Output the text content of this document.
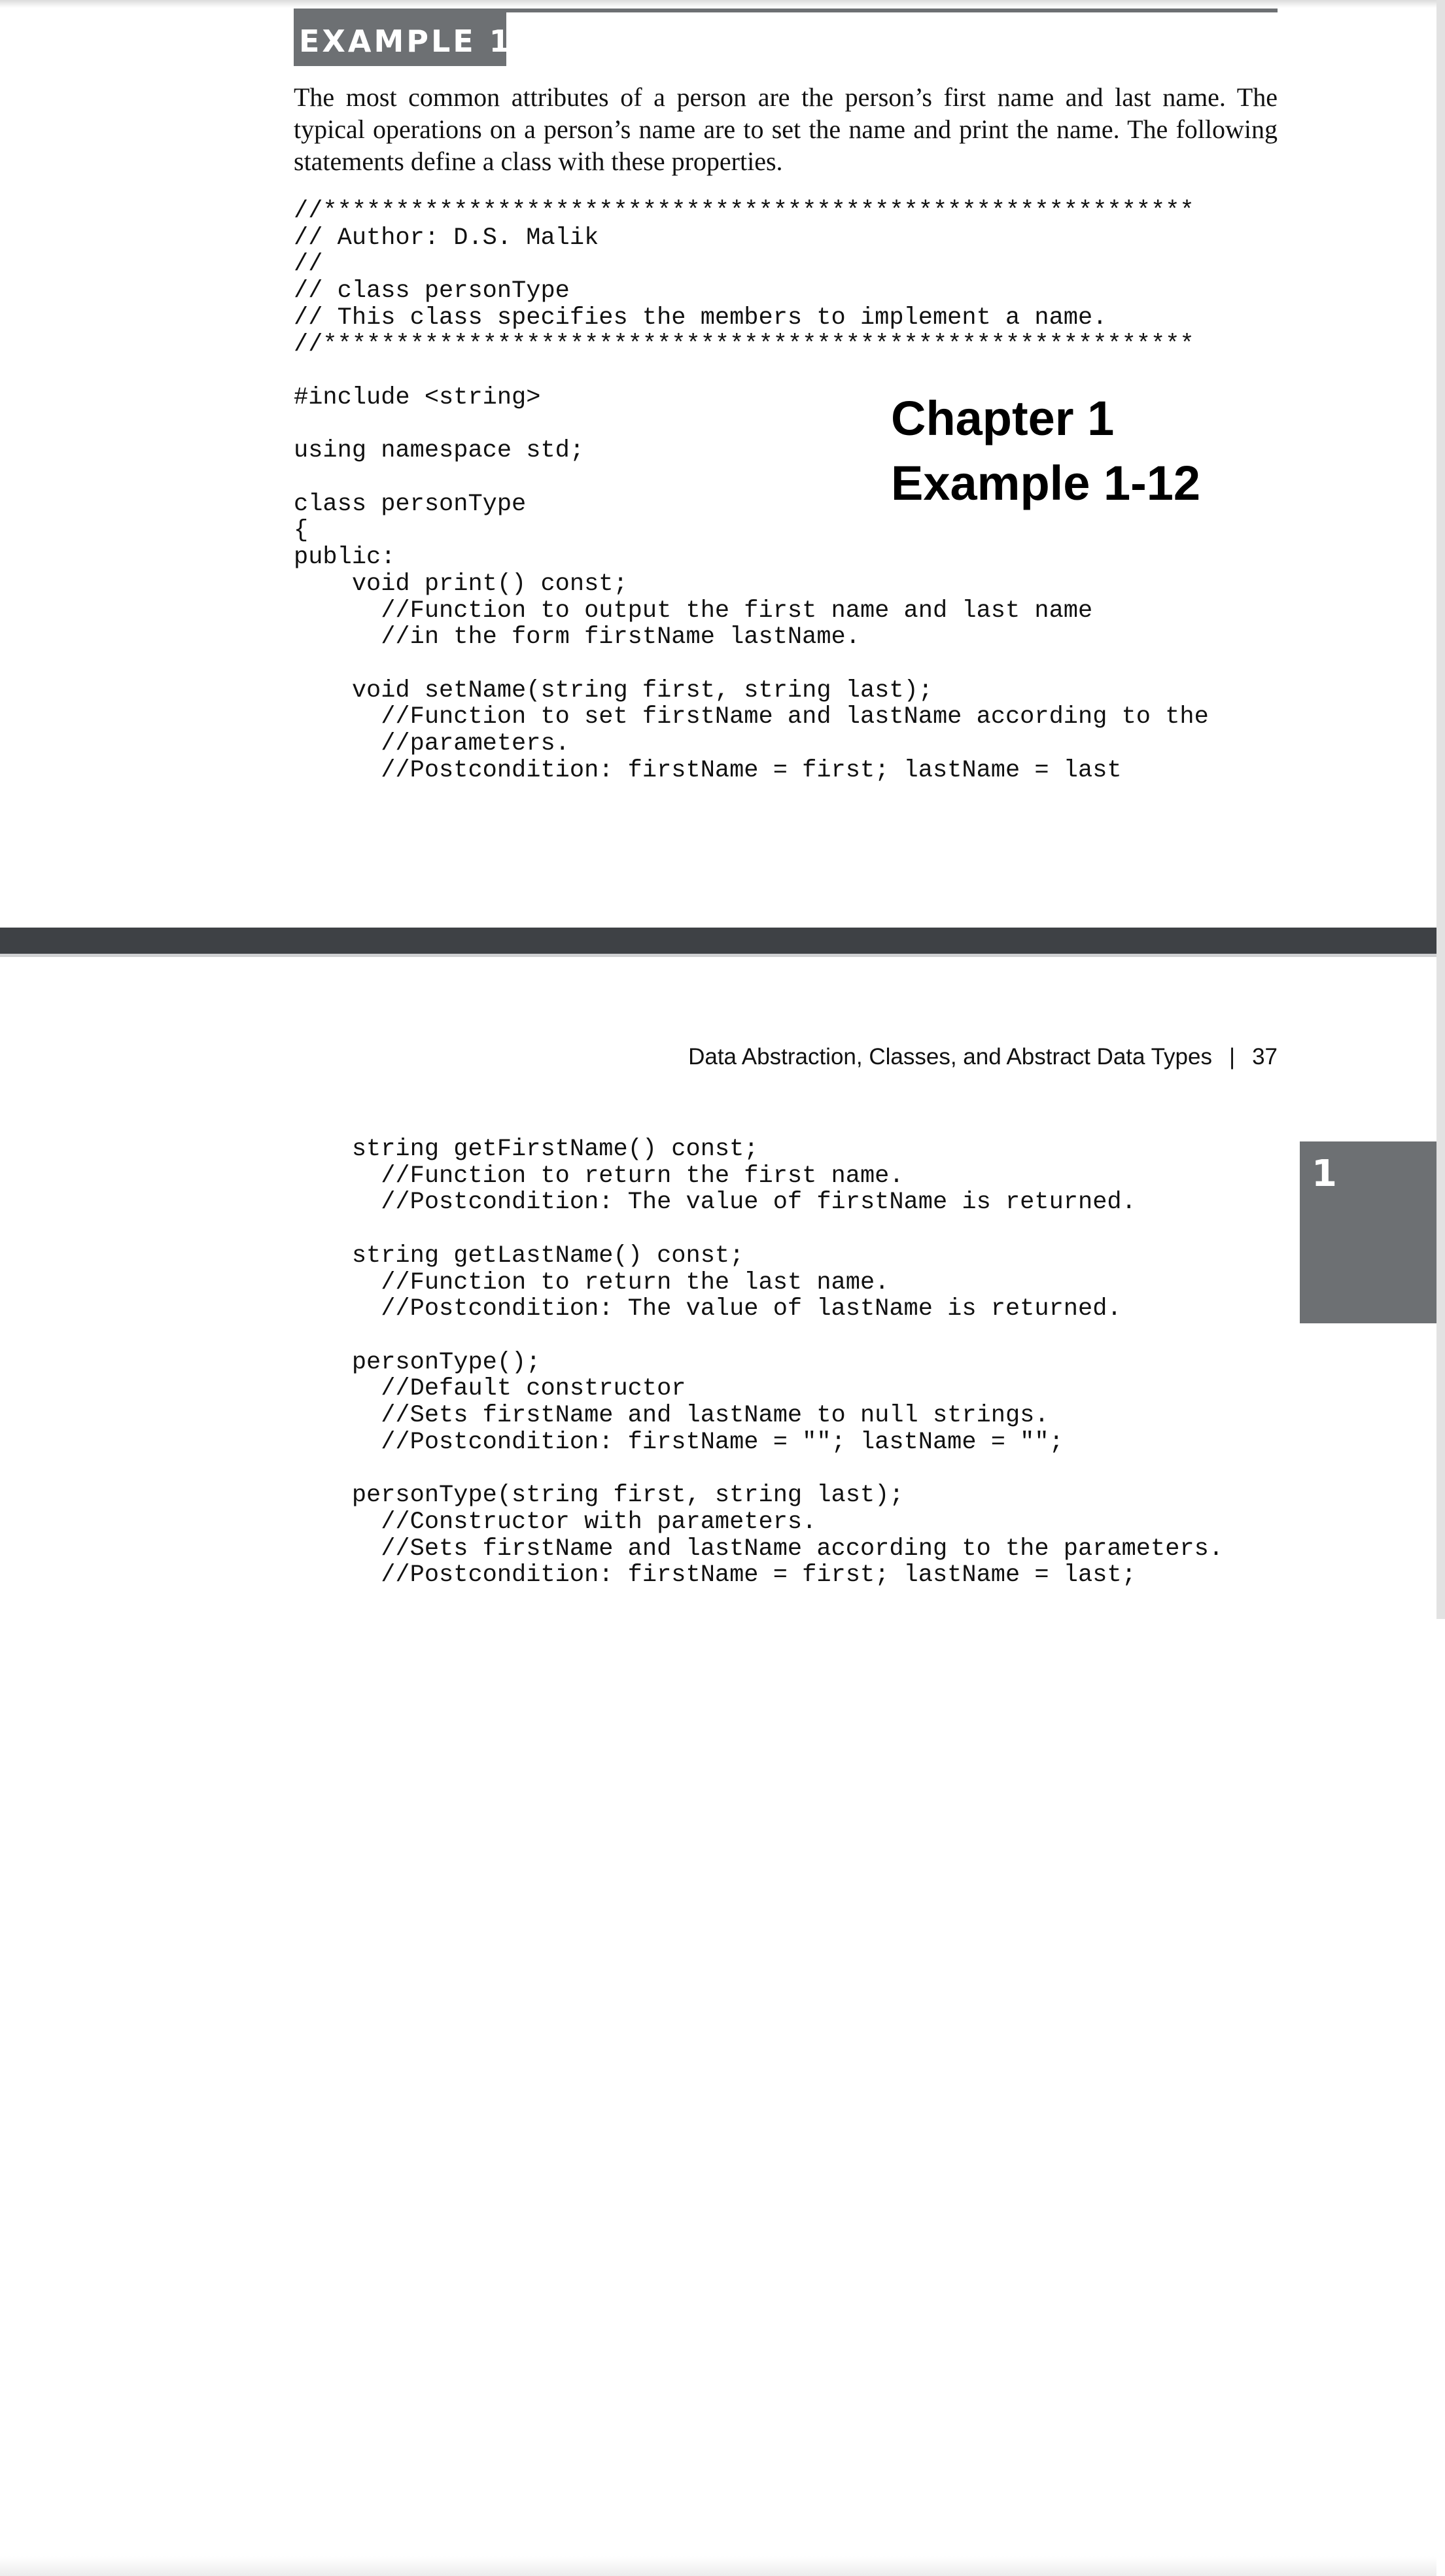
EXAMPLE 1-12

The most common attributes of a person are the person’s first name and last name. The typical operations on a person’s name are to set the name and print the name. The following statements define a class with these properties.

//************************************************************
// Author: D.S. Malik
//
// class personType
// This class specifies the members to implement a name.
//************************************************************

#include <string>

using namespace std;

class personType
{
public:
void print() const;
//Function to output the first name and last name
//in the form firstName lastName.

void setName(string first, string last);
//Function to set firstName and lastName according to the
//parameters.
//Postcondition: firstName = first; lastName = last
Chapter 1
Example 1-12
Data Abstraction, Classes, and Abstract Data Types | 37
string getFirstName() const;
//Function to return the first name.
//Postcondition: The value of firstName is returned.

string getLastName() const;
//Function to return the last name.
//Postcondition: The value of lastName is returned.

personType();
//Default constructor
//Sets firstName and lastName to null strings.
//Postcondition: firstName = ""; lastName = "";

personType(string first, string last);
//Constructor with parameters.
//Sets firstName and lastName according to the parameters.
//Postcondition: firstName = first; lastName = last;
1
